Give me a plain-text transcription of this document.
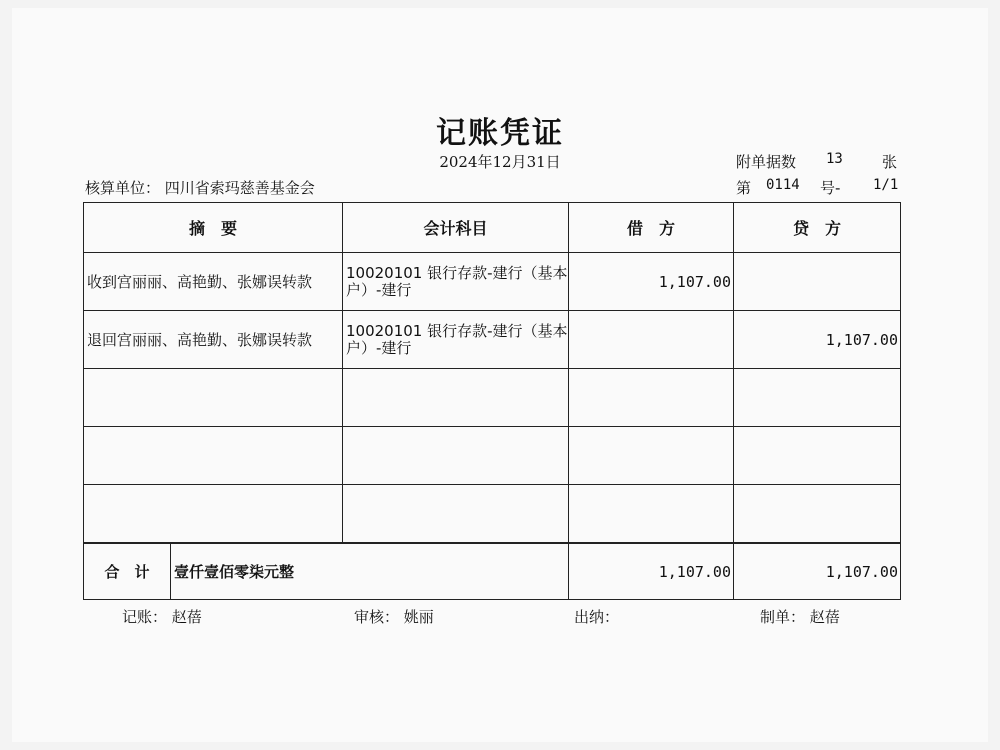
记账凭证
2024年12月31日	附单据数 13	张
核算单位： 四川省索玛慈善基金会	第 0114 号- 1/1
摘　要	会计科目	借　方	贷　方
收到宫丽丽、高艳勤、张娜误转款	10020101 银行存款-建行（基本户）-建行	1,107.00	
退回宫丽丽、高艳勤、张娜误转款	10020101 银行存款-建行（基本户）-建行		1,107.00

合　计 壹仟壹佰零柒元整		1,107.00	1,107.00
记账： 赵蓓	审核： 姚丽	出纳：	制单： 赵蓓
